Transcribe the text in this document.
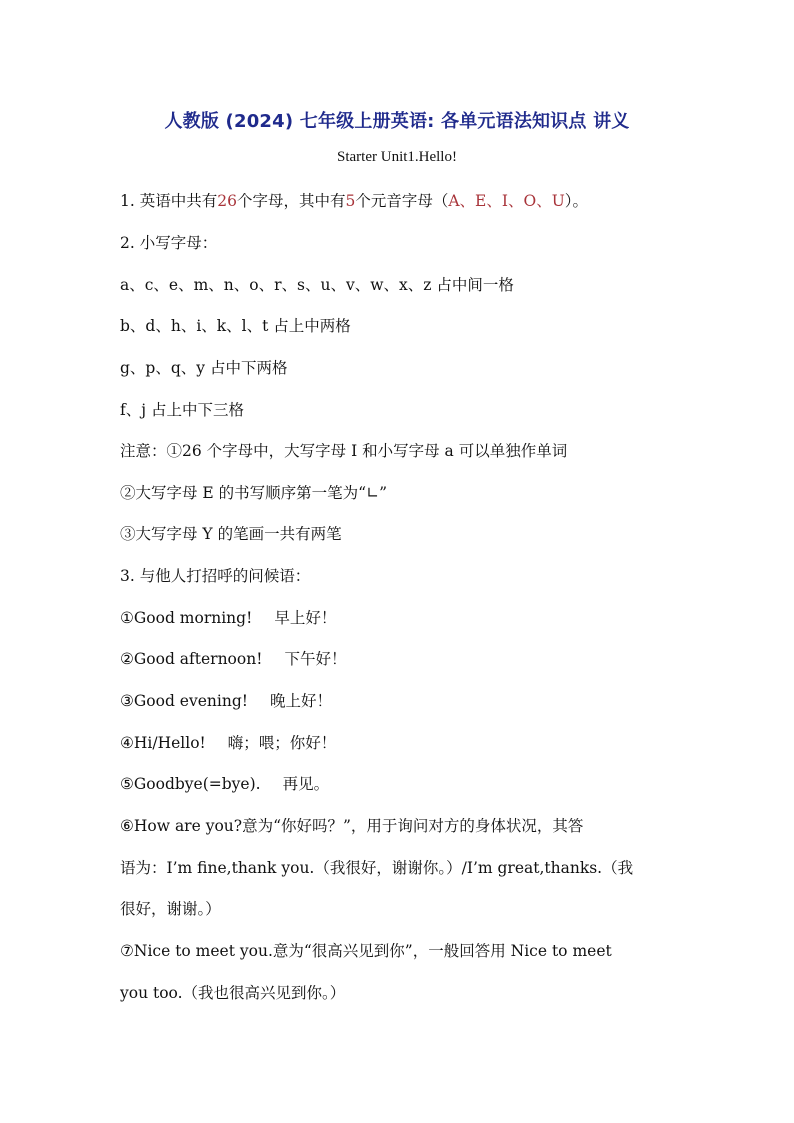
人教版 (2024) 七年级上册英语: 各单元语法知识点 讲义
Starter Unit1.Hello!
1. 英语中共有26个字母，其中有5个元音字母（A、E、I、O、U）。
2. 小写字母：
a、c、e、m、n、o、r、s、u、v、w、x、z 占中间一格
b、d、h、i、k、l、t 占上中两格
g、p、q、y 占中下两格
f、j 占上中下三格
注意：①26 个字母中，大写字母 I 和小写字母 a 可以单独作单词
②大写字母 E 的书写顺序第一笔为“∟”
③大写字母 Y 的笔画一共有两笔
3. 与他人打招呼的问候语：
①Good morning! 早上好！
②Good afternoon! 下午好！
③Good evening! 晚上好！
④Hi/Hello! 嗨；喂；你好！
⑤Goodbye(=bye). 再见。
⑥How are you?意为“你好吗？”，用于询问对方的身体状况，其答
语为：I’m fine,thank you.（我很好，谢谢你。）/I’m great,thanks.（我
很好，谢谢。）
⑦Nice to meet you.意为“很高兴见到你”，一般回答用 Nice to meet
you too.（我也很高兴见到你。）
